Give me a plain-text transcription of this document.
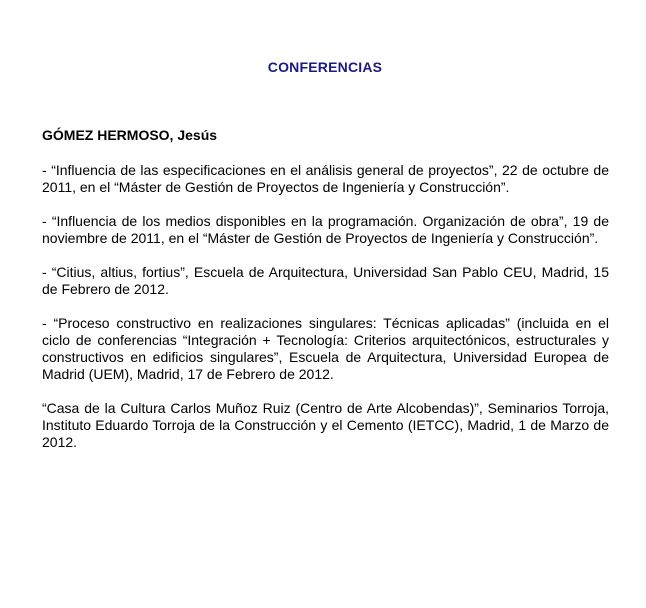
CONFERENCIAS
GÓMEZ HERMOSO, Jesús

- “Influencia de las especificaciones en el análisis general de proyectos”, 22 de octubre de 2011, en el “Máster de Gestión de Proyectos de Ingeniería y Construcción”.

- “Influencia de los medios disponibles en la programación. Organización de obra”, 19 de noviembre de 2011, en el “Máster de Gestión de Proyectos de Ingeniería y Construcción”.

- “Citius, altius, fortius”, Escuela de Arquitectura, Universidad San Pablo CEU, Madrid, 15 de Febrero de 2012.

- “Proceso constructivo en realizaciones singulares: Técnicas aplicadas” (incluida en el ciclo de conferencias “Integración + Tecnología: Criterios arquitectónicos, estructurales y constructivos en edificios singulares”, Escuela de Arquitectura, Universidad Europea de Madrid (UEM), Madrid, 17 de Febrero de 2012.

“Casa de la Cultura Carlos Muñoz Ruiz (Centro de Arte Alcobendas)”, Seminarios Torroja, Instituto Eduardo Torroja de la Construcción y el Cemento (IETCC), Madrid, 1 de Marzo de 2012.
